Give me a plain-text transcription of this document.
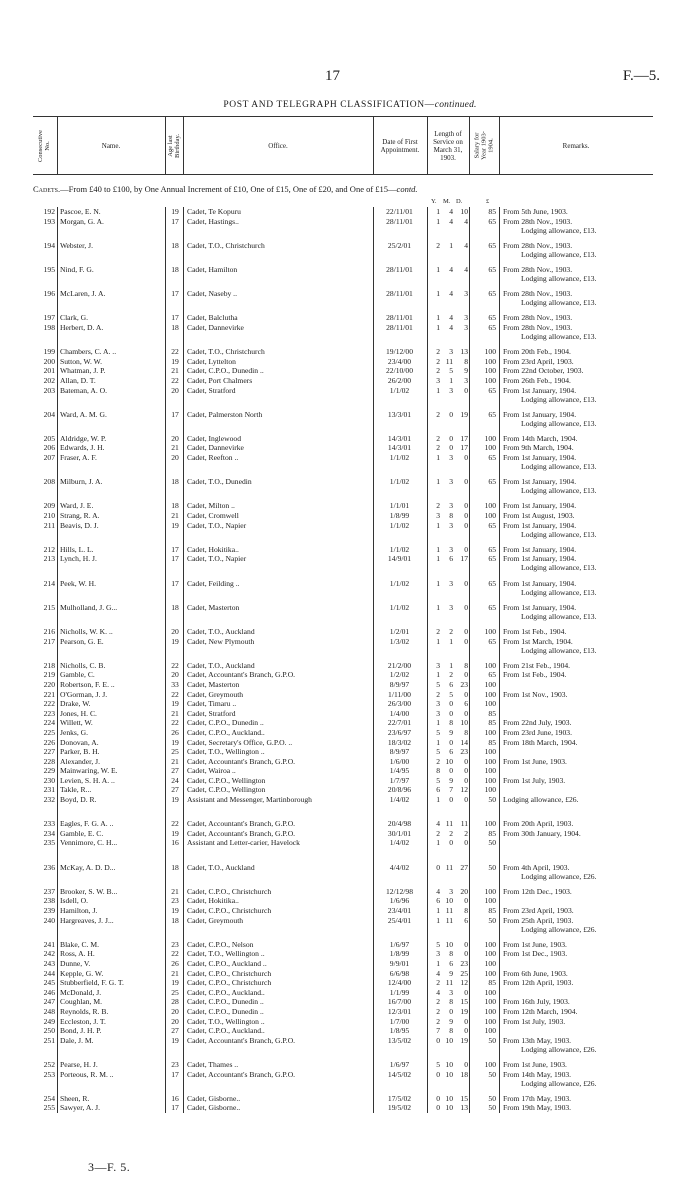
17	F.—5.
POST AND TELEGRAPH CLASSIFICATION—continued.
Consecutive No.	Name.	Age last Birthday.	Office.	Date of First Appointment.
Length of Service on March 31, 1903.	Salary for Year 1903-1904.	Remarks.
Cadets.—From £40 to £100, by One Annual Increment of £10, One of £15, One of £20, and One of £15—contd.
Y. M. D.	£
192 Pascoe, E. N.	19 Cadet, Te Kopuru	22/11/01	1	4 10	85 From 5th June, 1903.
193 Morgan, G. A.	17 Cadet, Hastings..	28/11/01	1	4	4	65 From 28th Nov., 1903.
Lodging allowance, £13.
194 Webster, J.	18 Cadet, T.O., Christchurch	25/2/01	2	1	4	65 From 28th Nov., 1903.
Lodging allowance, £13.
195 Nind, F. G.	18 Cadet, Hamilton	28/11/01	1	4	4	65 From 28th Nov., 1903.
Lodging allowance, £13.
196 McLaren, J. A.	17 Cadet, Naseby ..	28/11/01	1	4	3	65 From 28th Nov., 1903.
Lodging allowance, £13.
197 Clark, G.	17 Cadet, Balclutha	28/11/01	1	4	3	65 From 28th Nov., 1903.
198 Herbert, D. A.	18 Cadet, Dannevirke	28/11/01	1	4	3	65 From 28th Nov., 1903.
Lodging allowance, £13.
199 Chambers, C. A. ..	22 Cadet, T.O., Christchurch	19/12/00	2	3 13	100 From 20th Feb., 1904.
200 Sutton, W. W.	19 Cadet, Lyttelton	23/4/00	2 11	8	100 From 23rd April, 1903.
201 Whatman, J. P.	21 Cadet, C.P.O., Dunedin ..	22/10/00	2	5	9	100 From 22nd October, 1903.
202 Allan, D. T.	22 Cadet, Port Chalmers	26/2/00	3	1	3	100 From 26th Feb., 1904.
203 Bateman, A. O.	20 Cadet, Stratford	1/1/02	1	3	0	65 From 1st January, 1904.
Lodging allowance, £13.
204 Ward, A. M. G.	17 Cadet, Palmerston North	13/3/01	2	0 19	65 From 1st January, 1904.
Lodging allowance, £13.
205 Aldridge, W. P.	20 Cadet, Inglewood	14/3/01	2	0 17	100 From 14th March, 1904.
206 Edwards, J. H.	21 Cadet, Dannevirke	14/3/01	2	0 17	100 From 9th March, 1904.
207 Fraser, A. F.	20 Cadet, Reefton ..	1/1/02	1	3	0	65 From 1st January, 1904.
Lodging allowance, £13.
208 Milburn, J. A.	18 Cadet, T.O., Dunedin	1/1/02	1	3	0	65 From 1st January, 1904.
Lodging allowance, £13.
209 Ward, J. E.	18 Cadet, Milton ..	1/1/01	2	3	0	100 From 1st January, 1904.
210 Strang, R. A.	21 Cadet, Cromwell	1/8/99	3	8	0	100 From 1st August, 1903.
211 Beavis, D. J.	19 Cadet, T.O., Napier	1/1/02	1	3	0	65 From 1st January, 1904.
Lodging allowance, £13.
212 Hills, L. L.	17 Cadet, Hokitika..	1/1/02	1	3	0	65 From 1st January, 1904.
213 Lynch, H. J.	17 Cadet, T.O., Napier	14/9/01	1	6 17	65 From 1st January, 1904.
Lodging allowance, £13.
214 Peek, W. H.	17 Cadet, Feilding ..	1/1/02	1	3	0	65 From 1st January, 1904.
Lodging allowance, £13.
215 Mulholland, J. G...	18 Cadet, Masterton	1/1/02	1	3	0	65 From 1st January, 1904.
Lodging allowance, £13.
216 Nicholls, W. K. ..	20 Cadet, T.O., Auckland	1/2/01	2	2	0	100 From 1st Feb., 1904.
217 Pearson, G. E.	19 Cadet, New Plymouth	1/3/02	1	1	0	65 From 1st March, 1904.
Lodging allowance, £13.
218 Nicholls, C. B.	22 Cadet, T.O., Auckland	21/2/00	3	1	8	100 From 21st Feb., 1904.
219 Gamble, C.	20 Cadet, Accountant's Branch, G.P.O.	1/2/02	1	2	0	65 From 1st Feb., 1904.
220 Robertson, F. E. ..	33 Cadet, Masterton	8/9/97	5	6 23	100
221 O'Gorman, J. J.	22 Cadet, Greymouth	1/11/00	2	5	0	100 From 1st Nov., 1903.
222 Drake, W.	19 Cadet, Timaru ..	26/3/00	3	0	6	100
223 Jones, H. C.	21 Cadet, Stratford	1/4/00	3	0	0	85
224 Willett, W.	22 Cadet, C.P.O., Dunedin ..	22/7/01	1	8 10	85 From 22nd July, 1903.
225 Jenks, G.	26 Cadet, C.P.O., Auckland..	23/6/97	5	9	8	100 From 23rd June, 1903.
226 Donovan, A.	19 Cadet, Secretary's Office, G.P.O. ..	18/3/02	1	0 14	85 From 18th March, 1904.
227 Parker, B. H.	25 Cadet, T.O., Wellington ..	8/9/97	5	6 23	100
228 Alexander, J.	21 Cadet, Accountant's Branch, G.P.O.	1/6/00	2 10	0	100 From 1st June, 1903.
229 Mainwaring, W. E.	27 Cadet, Wairoa ..	1/4/95	8	0	0	100
230 Levien, S. H. A. ..	24 Cadet, C.P.O., Wellington	1/7/97	5	9	0	100 From 1st July, 1903.
231 Takle, R...	27 Cadet, C.P.O., Wellington	20/8/96	6	7 12	100
232 Boyd, D. R.	19 Assistant and Messenger, Martinborough	1/4/02	1	0	0	50 Lodging allowance, £26.
233 Eagles, F. G. A. ..	22 Cadet, Accountant's Branch, G.P.O.	20/4/98	4 11	11	100 From 20th April, 1903.
234 Gamble, E. C.	19 Cadet, Accountant's Branch, G.P.O.	30/1/01	2	2	2	85 From 30th January, 1904.
235 Vennimore, C. H...	16 Assistant and Letter-carier, Havelock	1/4/02	1	0	0	50
236 McKay, A. D. D...	18 Cadet, T.O., Auckland	4/4/02	0 11 27	50 From 4th April, 1903.
Lodging allowance, £26.
237 Brooker, S. W. B...	21 Cadet, C.P.O., Christchurch	12/12/98	4	3 20	100 From 12th Dec., 1903.
238 Isdell, O.	23 Cadet, Hokitika..	1/6/96	6 10	0	100
239 Hamilton, J.	19 Cadet, C.P.O., Christchurch	23/4/01	1 11	8	85 From 23rd April, 1903.
240 Hargreaves, J. J...	18 Cadet, Greymouth	25/4/01	1 11	6	50 From 25th April, 1903.
Lodging allowance, £26.
241 Blake, C. M.	23 Cadet, C.P.O., Nelson	1/6/97	5 10	0	100 From 1st June, 1903.
242 Ross, A. H.	22 Cadet, T.O., Wellington ..	1/8/99	3	8	0	100 From 1st Dec., 1903.
243 Dunne, V.	26 Cadet, C.P.O., Auckland ..	9/9/01	1	6 23	100
244 Kepple, G. W.	21 Cadet, C.P.O., Christchurch	6/6/98	4	9 25	100 From 6th June, 1903.
245 Stubberfield, F. G. T.	19 Cadet, C.P.O., Christchurch	12/4/00	2 11 12	85 From 12th April, 1903.
246 McDonald, J.	25 Cadet, C.P.O., Auckland..	1/1/99	4	3	0	100
247 Coughlan, M.	28 Cadet, C.P.O., Dunedin ..	16/7/00	2	8 15	100 From 16th July, 1903.
248 Reynolds, R. B.	20 Cadet, C.P.O., Dunedin ..	12/3/01	2	0 19	100 From 12th March, 1904.
249 Eccleston, J. T.	20 Cadet, T.O., Wellington ..	1/7/00	2	9	0	100 From 1st July, 1903.
250 Bond, J. H. P.	27 Cadet, C.P.O., Auckland..	1/8/95	7	8	0	100
251 Dale, J. M.	19 Cadet, Accountant's Branch, G.P.O.	13/5/02	0 10 19	50 From 13th May, 1903.
Lodging allowance, £26.
252 Pearse, H. J.	23 Cadet, Thames ..	1/6/97	5 10	0	100 From 1st June, 1903.
253 Porteous, R. M. ..	17 Cadet, Accountant's Branch, G.P.O.	14/5/02	0 10 18	50 From 14th May, 1903.
Lodging allowance, £26.
254 Sheen, R.	16 Cadet, Gisborne..	17/5/02	0 10 15	50 From 17th May, 1903.
255 Sawyer, A. J.	17 Cadet, Gisborne..	19/5/02	0 10 13	50 From 19th May, 1903.
3—F. 5.
